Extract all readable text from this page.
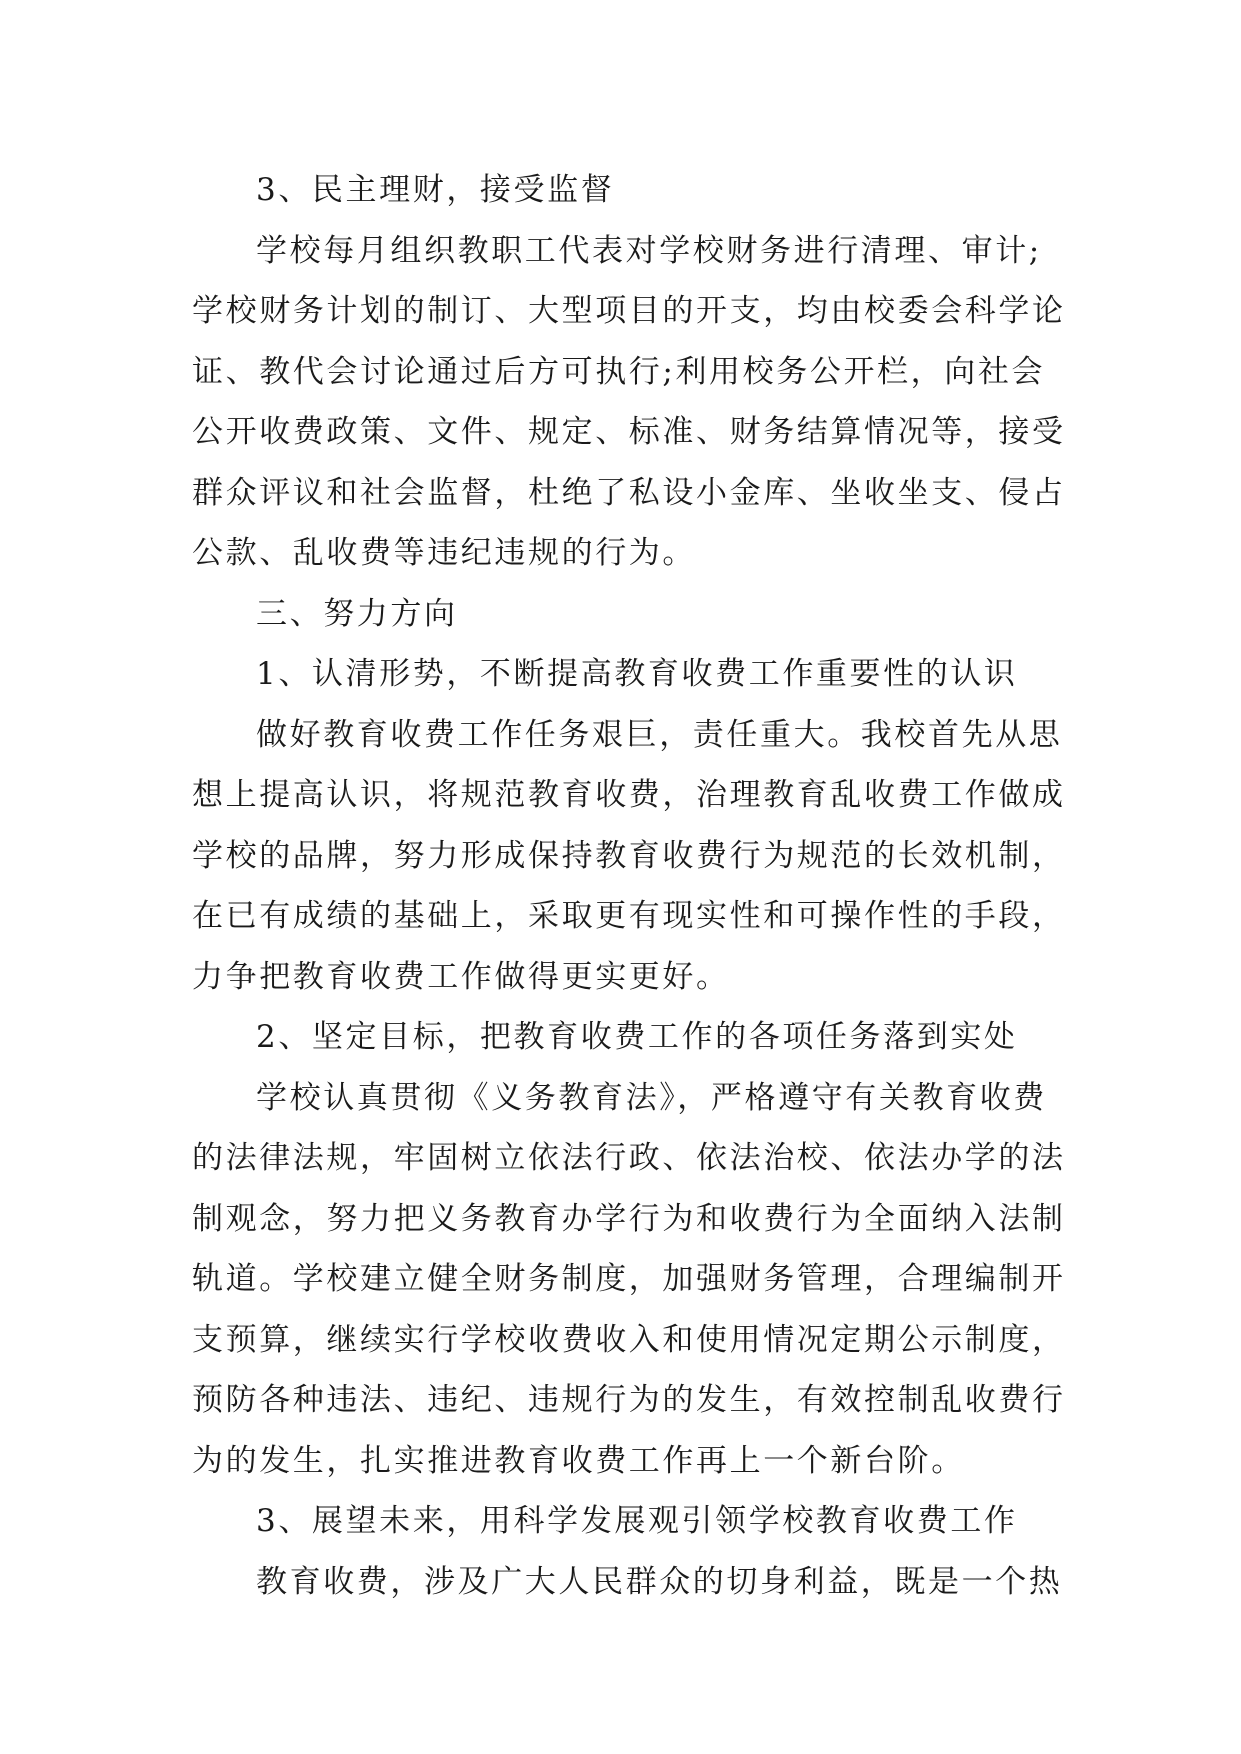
3、民主理财，接受监督
学校每月组织教职工代表对学校财务进行清理、审计;
学校财务计划的制订、大型项目的开支，均由校委会科学论
证、教代会讨论通过后方可执行;利用校务公开栏，向社会
公开收费政策、文件、规定、标准、财务结算情况等，接受
群众评议和社会监督，杜绝了私设小金库、坐收坐支、侵占
公款、乱收费等违纪违规的行为。
三、努力方向
1、认清形势，不断提高教育收费工作重要性的认识
做好教育收费工作任务艰巨，责任重大。我校首先从思
想上提高认识，将规范教育收费，治理教育乱收费工作做成
学校的品牌，努力形成保持教育收费行为规范的长效机制，
在已有成绩的基础上，采取更有现实性和可操作性的手段，
力争把教育收费工作做得更实更好。
2、坚定目标，把教育收费工作的各项任务落到实处
学校认真贯彻《义务教育法》，严格遵守有关教育收费
的法律法规，牢固树立依法行政、依法治校、依法办学的法
制观念，努力把义务教育办学行为和收费行为全面纳入法制
轨道。学校建立健全财务制度，加强财务管理，合理编制开
支预算，继续实行学校收费收入和使用情况定期公示制度，
预防各种违法、违纪、违规行为的发生，有效控制乱收费行
为的发生，扎实推进教育收费工作再上一个新台阶。
3、展望未来，用科学发展观引领学校教育收费工作
教育收费，涉及广大人民群众的切身利益，既是一个热
